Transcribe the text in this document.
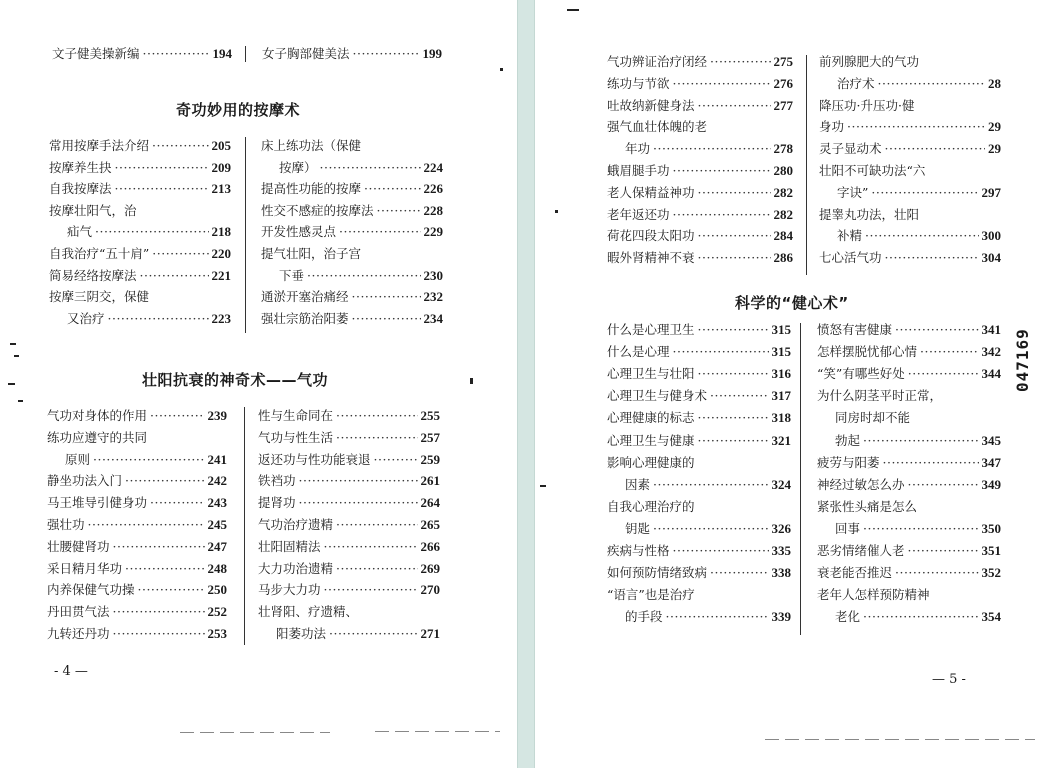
文子健美操新编 ·····	194 女子胸部健美法 ·····	199
奇功妙用的按摩术
常用按摩手法介绍 ·····	205
按摩养生抉 ·····	209
自我按摩法 ·····	213
按摩壮阳气，治
疝气 ·····	218
自我治疗“五十肩” ·····	220
简易经络按摩法 ·····	221
按摩三阴交，保健
又治疗 ·····	223
床上练功法（保健
按摩） ·····	224
提高性功能的按摩 ·····	226
性交不感症的按摩法 ·····	228
开发性感灵点 ·····	229
提气壮阳，治子宫
下垂 ·····	230
通淤开塞治痛经 ·····	232
强壮宗筋治阳萎 ·····	234
壮阳抗衰的神奇术——气功
气功对身体的作用 ·····	239
练功应遵守的共同
原则 ·····	241
静坐功法入门 ·····	242
马王堆导引健身功 ·····	243
强壮功 ·····	245
壮腰健肾功 ·····	247
采日精月华功 ·····	248
内养保健气功操 ·····	250
丹田贯气法 ·····	252
九转还丹功 ·····	253
性与生命同在 ·····	255
气功与性生活 ·····	257
返还功与性功能衰退 ·····	259
铁裆功 ·····	261
提肾功 ·····	264
气功治疗遗精 ·····	265
壮阳固精法 ·····	266
大力功治遗精 ·····	269
马步大力功 ·····	270
壮肾阳、疗遗精、
阳萎功法 ·····	271
- 4 —
气功辨证治疗闭经 ·····	275
练功与节欲 ·····	276
吐故纳新健身法 ·····	277
强气血壮体魄的老
年功 ·····	278
蛾眉腿手功 ·····	280
老人保精益神功 ·····	282
老年返还功 ·····	282
荷花四段太阳功 ·····	284
暇外肾精神不衰 ·····	286
前列腺肥大的气功
治疗术 ·····	28
降压功·升压功·健
身功 ·····	29
灵子显动术 ·····	29
壮阳不可缺功法“六
字诀” ·····	297
提睾丸功法，壮阳
补精 ·····	300
七心活气功 ·····	304
科学的“健心术”
什么是心理卫生 ·····	315
什么是心理 ·····	315
心理卫生与壮阳 ·····	316
心理卫生与健身术 ·····	317
心理健康的标志 ·····	318
心理卫生与健康 ·····	321
影响心理健康的
因素 ·····	324
自我心理治疗的
钥匙 ·····	326
疾病与性格 ·····	335
如何预防情绪致病 ·····	338
“语言”也是治疗
的手段 ·····	339
愤怒有害健康 ·····	341
怎样摆脱忧郁心情 ·····	342
“笑”有哪些好处 ·····	344
为什么阴茎平时正常，
同房时却不能
勃起 ·····	345
疲劳与阳萎 ·····	347
神经过敏怎么办 ·····	349
紧张性头痛是怎么
回事 ·····	350
恶劣情绪催人老 ·····	351
衰老能否推迟 ·····	352
老年人怎样预防精神
老化 ·····	354
— 5 -
047169
